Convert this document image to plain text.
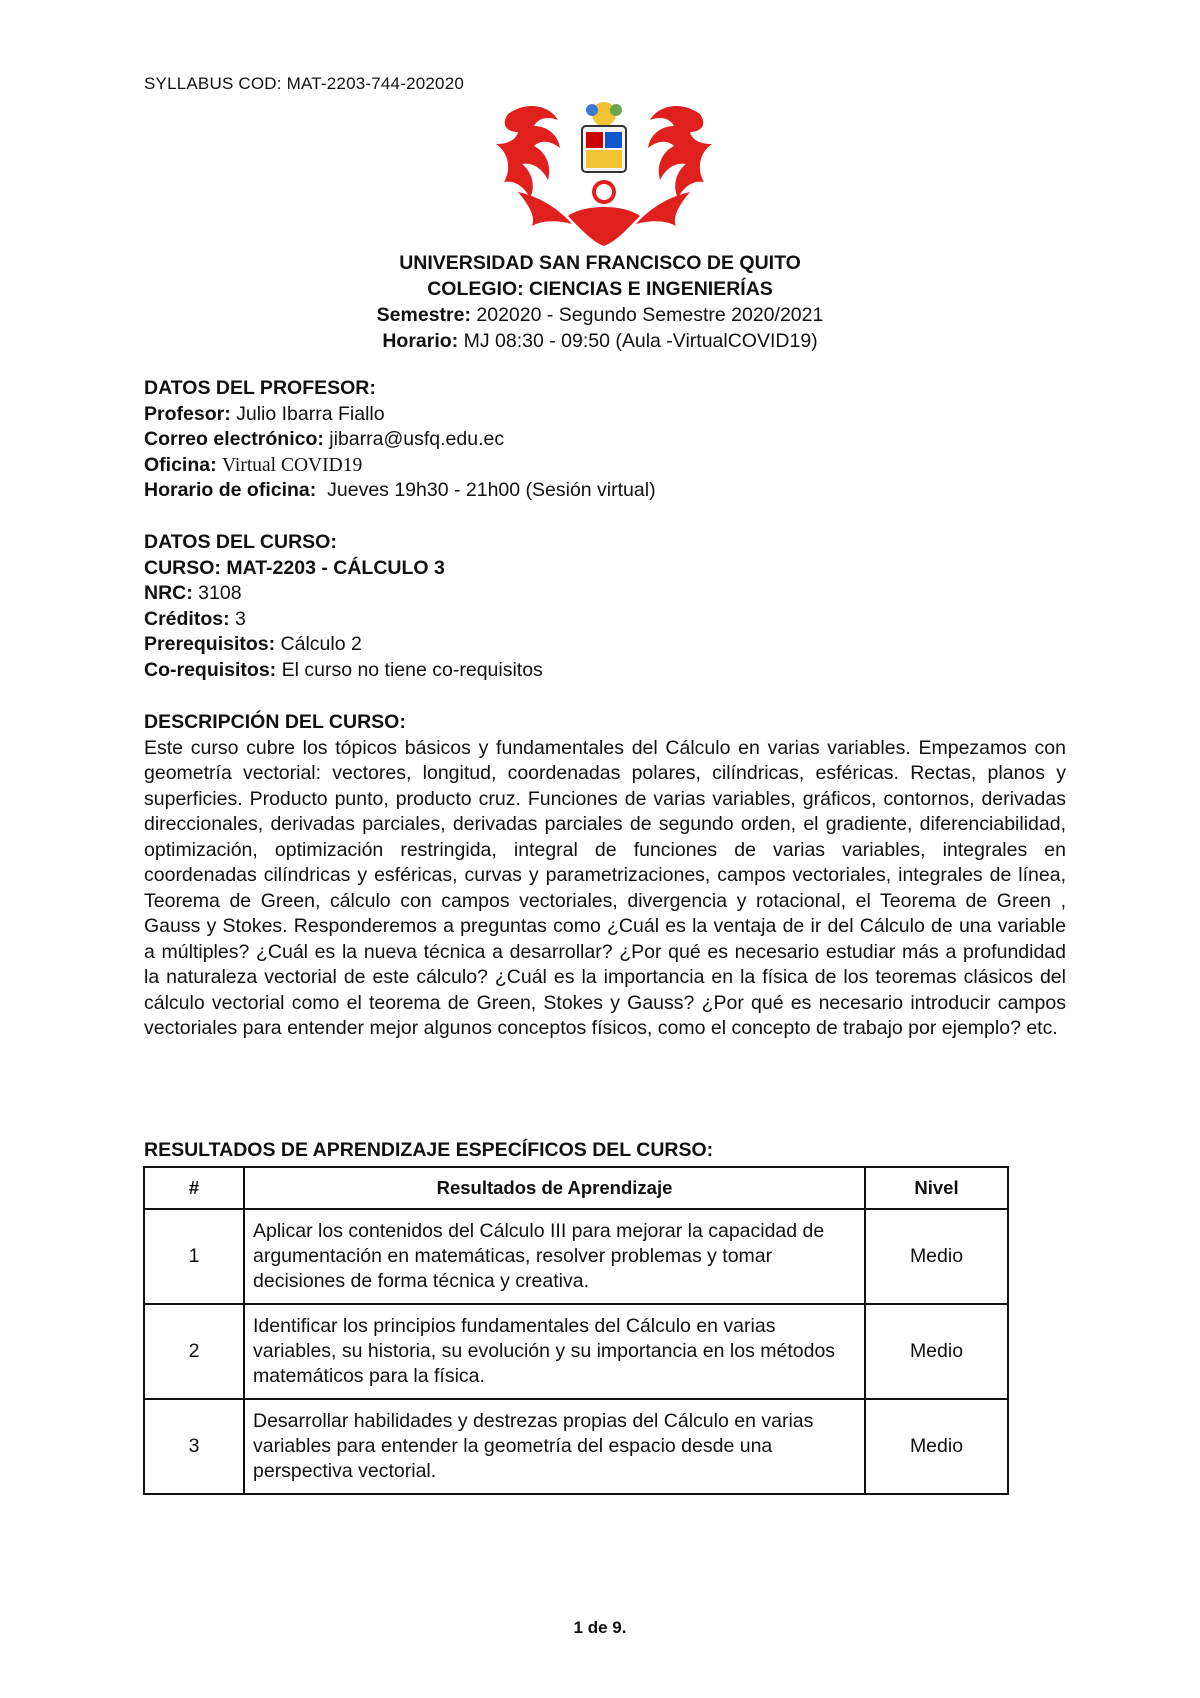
SYLLABUS COD: MAT-2203-744-202020
UNIVERSIDAD SAN FRANCISCO DE QUITO
COLEGIO: CIENCIAS E INGENIERÍAS
Semestre: 202020 - Segundo Semestre 2020/2021
Horario: MJ 08:30 - 09:50 (Aula -VirtualCOVID19)
DATOS DEL PROFESOR:
Profesor: Julio Ibarra Fiallo
Correo electrónico: jibarra@usfq.edu.ec
Oficina: Virtual COVID19
Horario de oficina: Jueves 19h30 - 21h00 (Sesión virtual)
DATOS DEL CURSO:
CURSO: MAT-2203 - CÁLCULO 3
NRC: 3108
Créditos: 3
Prerequisitos: Cálculo 2
Co-requisitos: El curso no tiene co-requisitos
DESCRIPCIÓN DEL CURSO:
Este curso cubre los tópicos básicos y fundamentales del Cálculo en varias variables. Empezamos con geometría vectorial: vectores, longitud, coordenadas polares, cilíndricas, esféricas. Rectas, planos y superficies. Producto punto, producto cruz. Funciones de varias variables, gráficos, contornos, derivadas direccionales, derivadas parciales, derivadas parciales de segundo orden, el gradiente, diferenciabilidad, optimización, optimización restringida, integral de funciones de varias variables, integrales en coordenadas cilíndricas y esféricas, curvas y parametrizaciones, campos vectoriales, integrales de línea, Teorema de Green, cálculo con campos vectoriales, divergencia y rotacional, el Teorema de Green , Gauss y Stokes. Responderemos a preguntas como ¿Cuál es la ventaja de ir del Cálculo de una variable a múltiples? ¿Cuál es la nueva técnica a desarrollar? ¿Por qué es necesario estudiar más a profundidad la naturaleza vectorial de este cálculo? ¿Cuál es la importancia en la física de los teoremas clásicos del cálculo vectorial como el teorema de Green, Stokes y Gauss? ¿Por qué es necesario introducir campos vectoriales para entender mejor algunos conceptos físicos, como el concepto de trabajo por ejemplo? etc.
RESULTADOS DE APRENDIZAJE ESPECÍFICOS DEL CURSO:
#	Resultados de Aprendizaje	Nivel
1	Aplicar los contenidos del Cálculo III para mejorar la capacidad de argumentación en matemáticas, resolver problemas y tomar decisiones de forma técnica y creativa.	Medio
2	Identificar los principios fundamentales del Cálculo en varias variables, su historia, su evolución y su importancia en los métodos matemáticos para la física.	Medio
3	Desarrollar habilidades y destrezas propias del Cálculo en varias variables para entender la geometría del espacio desde una perspectiva vectorial.	Medio
1 de 9.
